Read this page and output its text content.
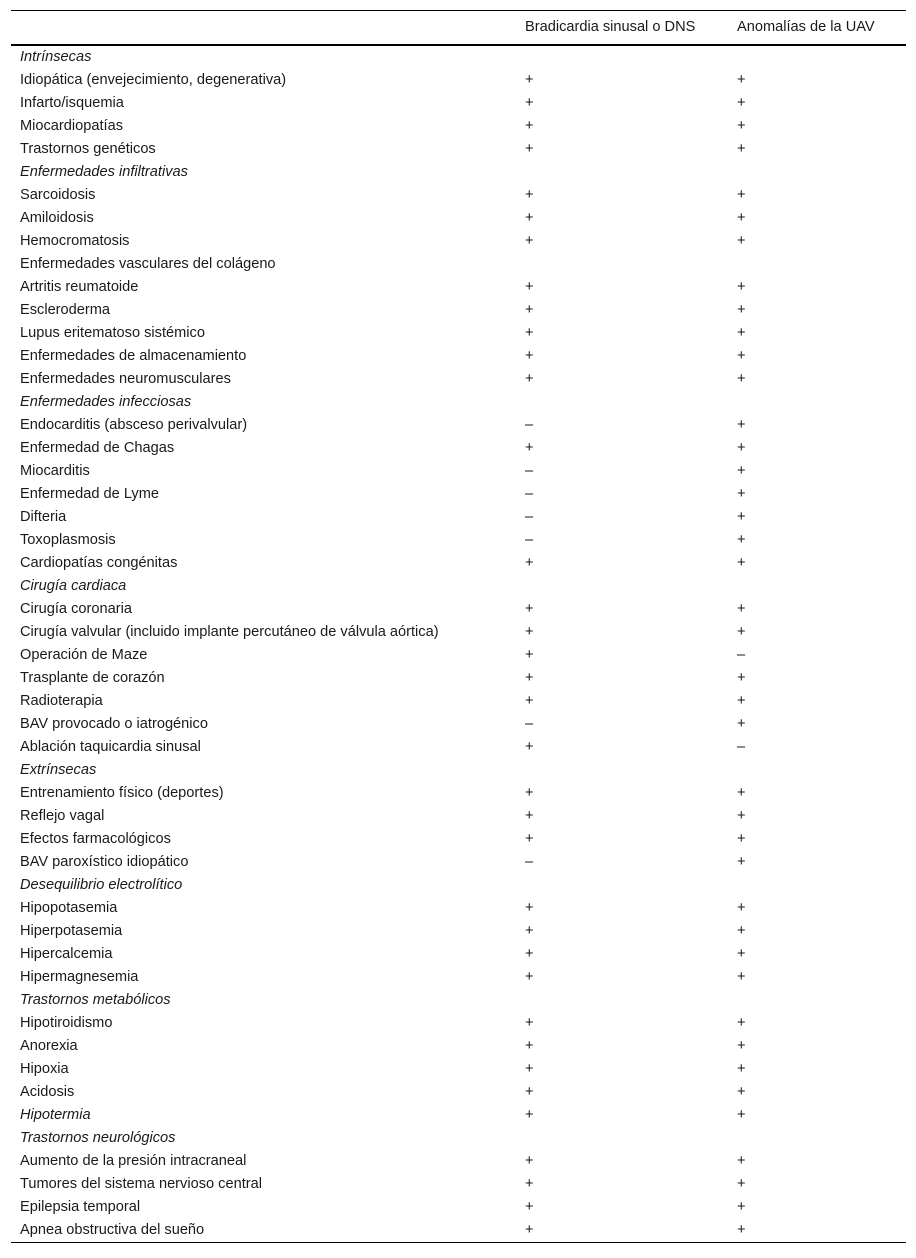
	Bradicardia sinusal o DNS	Anomalías de la UAV
Intrínsecas		
Idiopática (envejecimiento, degenerativa)	+	+
Infarto/isquemia	+	+
Miocardiopatías	+	+
Trastornos genéticos	+	+
Enfermedades infiltrativas		
Sarcoidosis	+	+
Amiloidosis	+	+
Hemocromatosis	+	+
Enfermedades vasculares del colágeno		
Artritis reumatoide	+	+
Escleroderma	+	+
Lupus eritematoso sistémico	+	+
Enfermedades de almacenamiento	+	+
Enfermedades neuromusculares	+	+
Enfermedades infecciosas		
Endocarditis (absceso perivalvular)	–	+
Enfermedad de Chagas	+	+
Miocarditis	–	+
Enfermedad de Lyme	–	+
Difteria	–	+
Toxoplasmosis	–	+
Cardiopatías congénitas	+	+
Cirugía cardiaca		
Cirugía coronaria	+	+
Cirugía valvular (incluido implante percutáneo de válvula aórtica)	+	+
Operación de Maze	+	–
Trasplante de corazón	+	+
Radioterapia	+	+
BAV provocado o iatrogénico	–	+
Ablación taquicardia sinusal	+	–
Extrínsecas		
Entrenamiento físico (deportes)	+	+
Reflejo vagal	+	+
Efectos farmacológicos	+	+
BAV paroxístico idiopático	–	+
Desequilibrio electrolítico		
Hipopotasemia	+	+
Hiperpotasemia	+	+
Hipercalcemia	+	+
Hipermagnesemia	+	+
Trastornos metabólicos		
Hipotiroidismo	+	+
Anorexia	+	+
Hipoxia	+	+
Acidosis	+	+
Hipotermia	+	+
Trastornos neurológicos		
Aumento de la presión intracraneal	+	+
Tumores del sistema nervioso central	+	+
Epilepsia temporal	+	+
Apnea obstructiva del sueño	+	+
